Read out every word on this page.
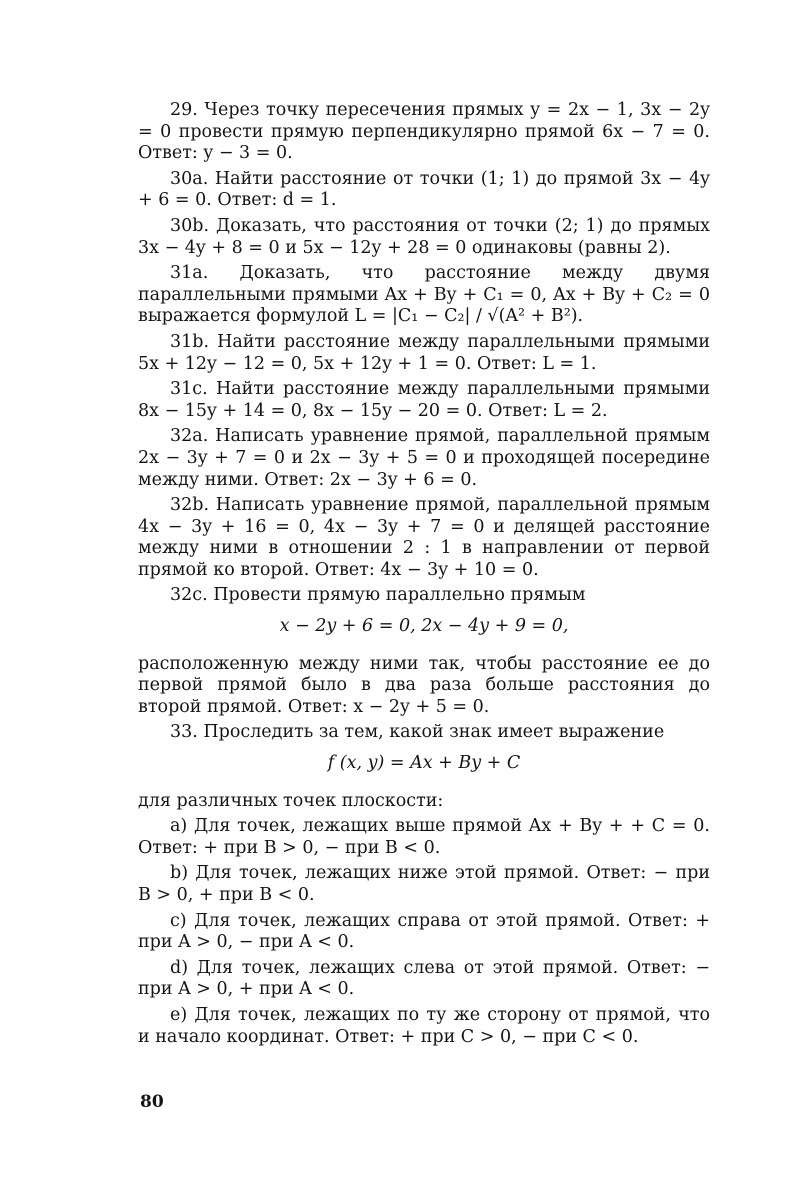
29. Через точку пересечения прямых y = 2x − 1, 3x − 2y = 0 провести прямую перпендикулярно прямой 6x − 7 = 0. Ответ: y − 3 = 0.

30a. Найти расстояние от точки (1; 1) до прямой 3x − 4y + 6 = 0. Ответ: d = 1.

30b. Доказать, что расстояния от точки (2; 1) до прямых 3x − 4y + 8 = 0 и 5x − 12y + 28 = 0 одинаковы (равны 2).

31a. Доказать, что расстояние между двумя параллельными прямыми Ax + By + C₁ = 0, Ax + By + C₂ = 0 выражается формулой L = |C₁ − C₂| / √(A² + B²).

31b. Найти расстояние между параллельными прямыми 5x + 12y − 12 = 0, 5x + 12y + 1 = 0. Ответ: L = 1.

31c. Найти расстояние между параллельными прямыми 8x − 15y + 14 = 0, 8x − 15y − 20 = 0. Ответ: L = 2.

32a. Написать уравнение прямой, параллельной прямым 2x − 3y + 7 = 0 и 2x − 3y + 5 = 0 и проходящей посередине между ними. Ответ: 2x − 3y + 6 = 0.

32b. Написать уравнение прямой, параллельной прямым 4x − 3y + 16 = 0, 4x − 3y + 7 = 0 и делящей расстояние между ними в отношении 2 : 1 в направлении от первой прямой ко второй. Ответ: 4x − 3y + 10 = 0.

32c. Провести прямую параллельно прямым

x − 2y + 6 = 0, 2x − 4y + 9 = 0,

расположенную между ними так, чтобы расстояние ее до первой прямой было в два раза больше расстояния до второй прямой. Ответ: x − 2y + 5 = 0.

33. Проследить за тем, какой знак имеет выражение

f (x, y) = Ax + By + C

для различных точек плоскости:

a) Для точек, лежащих выше прямой Ax + By + + C = 0. Ответ: + при B > 0, − при B < 0.

b) Для точек, лежащих ниже этой прямой. Ответ: − при B > 0, + при B < 0.

c) Для точек, лежащих справа от этой прямой. Ответ: + при A > 0, − при A < 0.

d) Для точек, лежащих слева от этой прямой. Ответ: − при A > 0, + при A < 0.

e) Для точек, лежащих по ту же сторону от прямой, что и начало координат. Ответ: + при C > 0, − при C < 0.

80
